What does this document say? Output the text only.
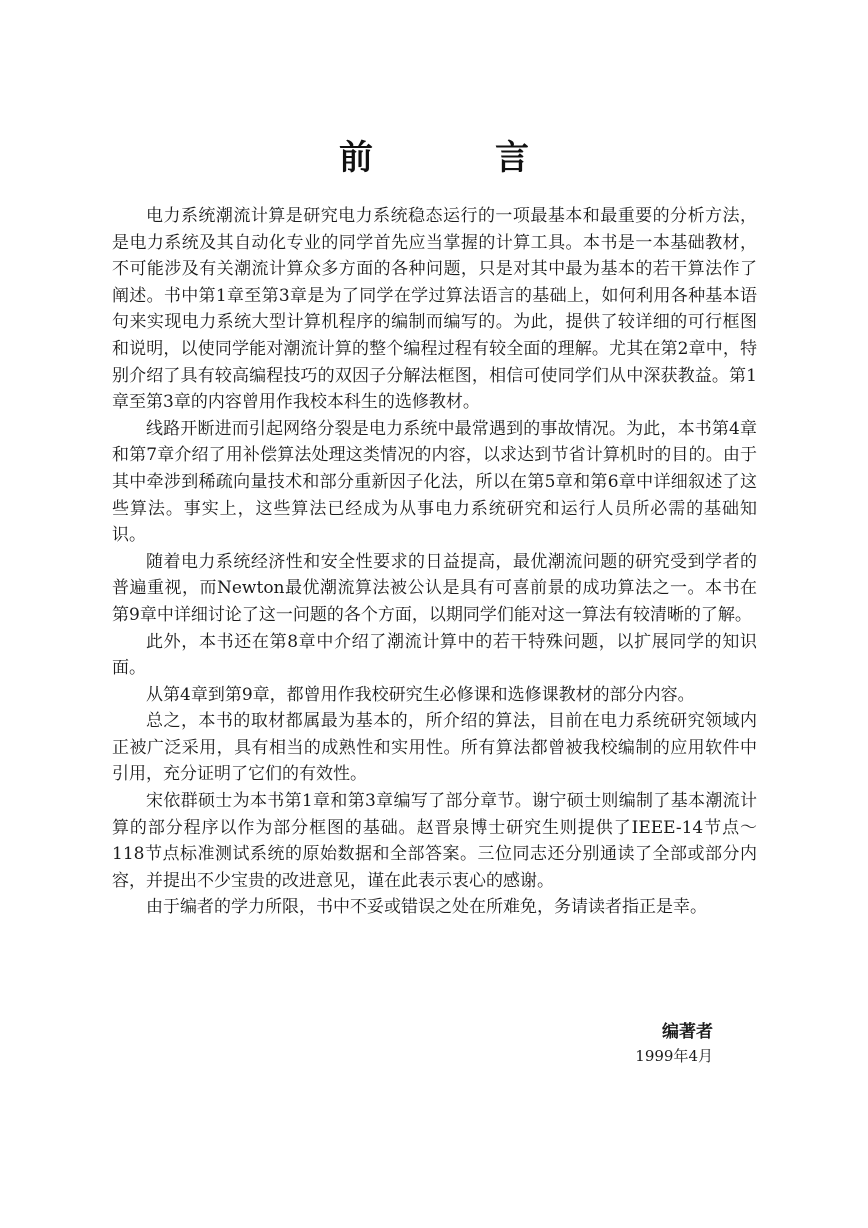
前　言

电力系统潮流计算是研究电力系统稳态运行的一项最基本和最重要的分析方法，是电力系统及其自动化专业的同学首先应当掌握的计算工具。本书是一本基础教材，不可能涉及有关潮流计算众多方面的各种问题，只是对其中最为基本的若干算法作了阐述。书中第1章至第3章是为了同学在学过算法语言的基础上，如何利用各种基本语句来实现电力系统大型计算机程序的编制而编写的。为此，提供了较详细的可行框图和说明，以使同学能对潮流计算的整个编程过程有较全面的理解。尤其在第2章中，特别介绍了具有较高编程技巧的双因子分解法框图，相信可使同学们从中深获教益。第1章至第3章的内容曾用作我校本科生的选修教材。

线路开断进而引起网络分裂是电力系统中最常遇到的事故情况。为此，本书第4章和第7章介绍了用补偿算法处理这类情况的内容，以求达到节省计算机时的目的。由于其中牵涉到稀疏向量技术和部分重新因子化法，所以在第5章和第6章中详细叙述了这些算法。事实上，这些算法已经成为从事电力系统研究和运行人员所必需的基础知识。

随着电力系统经济性和安全性要求的日益提高，最优潮流问题的研究受到学者的普遍重视，而Newton最优潮流算法被公认是具有可喜前景的成功算法之一。本书在第9章中详细讨论了这一问题的各个方面，以期同学们能对这一算法有较清晰的了解。

此外，本书还在第8章中介绍了潮流计算中的若干特殊问题，以扩展同学的知识面。

从第4章到第9章，都曾用作我校研究生必修课和选修课教材的部分内容。

总之，本书的取材都属最为基本的，所介绍的算法，目前在电力系统研究领域内正被广泛采用，具有相当的成熟性和实用性。所有算法都曾被我校编制的应用软件中引用，充分证明了它们的有效性。

宋依群硕士为本书第1章和第3章编写了部分章节。谢宁硕士则编制了基本潮流计算的部分程序以作为部分框图的基础。赵晋泉博士研究生则提供了IEEE-14节点～118节点标准测试系统的原始数据和全部答案。三位同志还分别通读了全部或部分内容，并提出不少宝贵的改进意见，谨在此表示衷心的感谢。

由于编者的学力所限，书中不妥或错误之处在所难免，务请读者指正是幸。

编著者
1999年4月
